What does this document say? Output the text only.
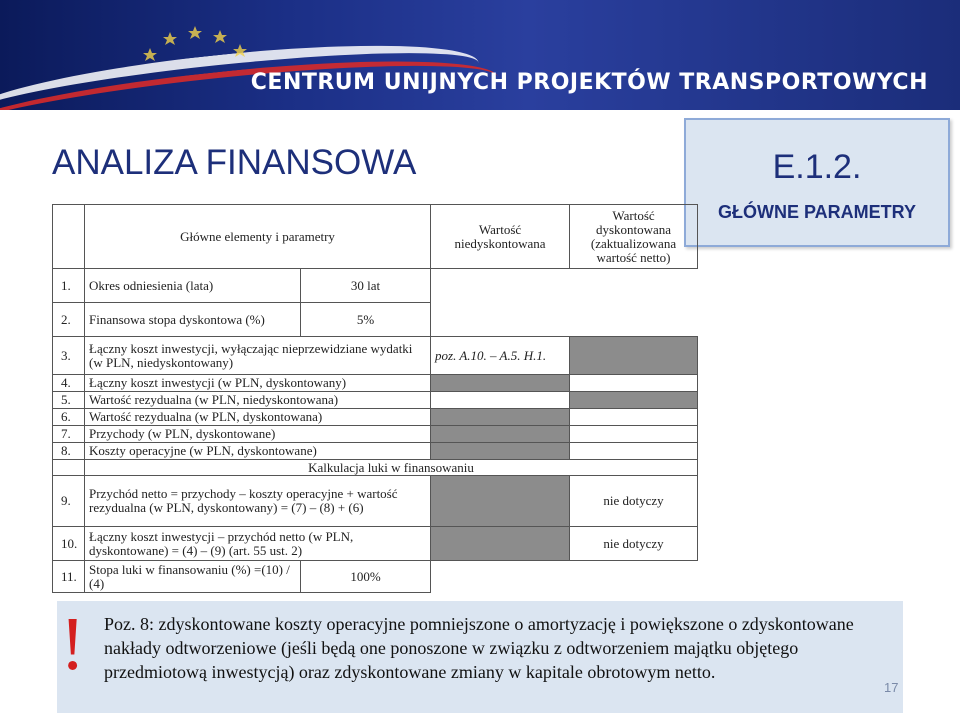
CENTRUM UNIJNYCH PROJEKTÓW TRANSPORTOWYCH
ANALIZA FINANSOWA	E.1.2.
GŁÓWNE PARAMETRY
	Główne elementy i parametry		Wartość niedyskontowana	Wartość dyskontowana (zaktualizowana wartość netto)
1.	Okres odniesienia (lata)	30 lat		
2.	Finansowa stopa dyskontowa (%)	5%		
3.	Łączny koszt inwestycji, wyłączając nieprzewidziane wydatki (w PLN, niedyskontowany)		poz. A.10. – A.5. H.1.	
4.	Łączny koszt inwestycji (w PLN, dyskontowany)			
5.	Wartość rezydualna (w PLN, niedyskontowana)			
6.	Wartość rezydualna (w PLN, dyskontowana)			
7.	Przychody (w PLN, dyskontowane)			
8.	Koszty operacyjne (w PLN, dyskontowane)			
	Kalkulacja luki w finansowaniu			
9.	Przychód netto = przychody – koszty operacyjne + wartość rezydualna (w PLN, dyskontowany) = (7) – (8) + (6)			nie dotyczy
10.	Łączny koszt inwestycji – przychód netto (w PLN, dyskontowane) = (4) – (9) (art. 55 ust. 2)			nie dotyczy
11.	Stopa luki w finansowaniu (%) =(10) / (4)	100%		
! Poz. 8: zdyskontowane koszty operacyjne pomniejszone o amortyzację i powiększone o zdyskontowane nakłady odtworzeniowe (jeśli będą one ponoszone w związku z odtworzeniem majątku objętego przedmiotową inwestycją) oraz zdyskontowane zmiany w kapitale obrotowym netto.
17
